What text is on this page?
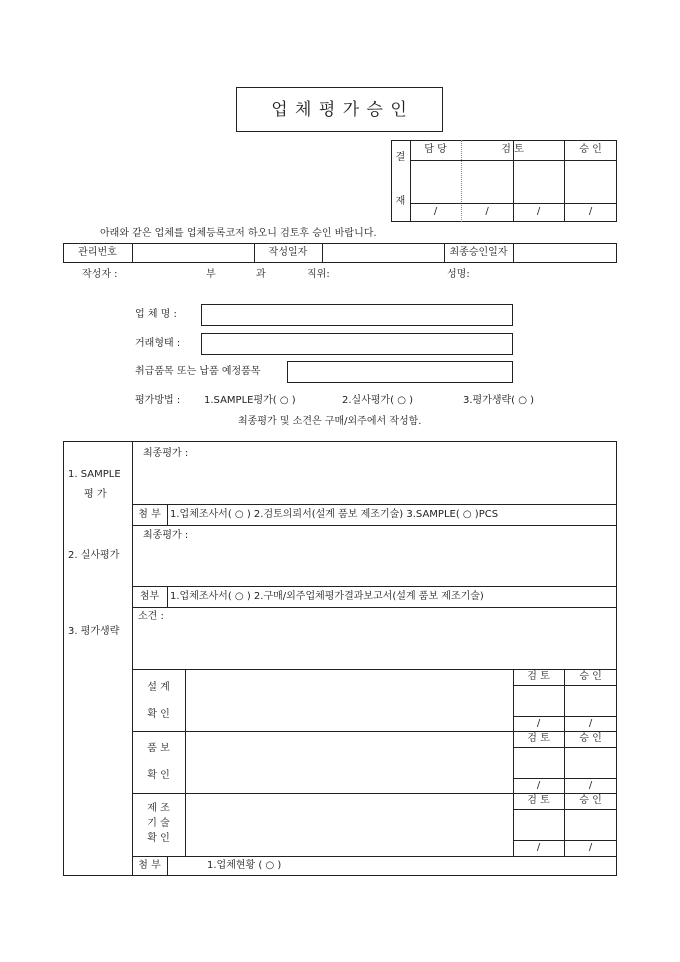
업 체 평 가 승 인
결
재
담 당	검 토	승 인
/	/	/	/
아래와 같은 업체를 업체등록코저 하오니 검토후 승인 바랍니다.
관리번호	작성일자	최종승인일자
작성자 :	부	과	직위:	성명:
업 체 명 :
거래형태 :
취급품목 또는 납품 예정품목
평가방법 : 1.SAMPLE평가( ○ )	2.실사평가( ○ )	3.평가생략( ○ )
최종평가 및 소견은 구매/외주에서 작성함.
1. SAMPLE
평 가
최종평가 :
첨 부 1.업체조사서( ○ ) 2.검토의뢰서(설계 품보 제조기술) 3.SAMPLE( ○ )PCS
2. 실사평가
최종평가 :
첨부	1.업체조사서( ○ ) 2.구매/외주업체평가결과보고서(설계 품보 제조기술)
3. 평가생략
소견 :
설 계
확 인
검 토	승 인
/	/
품 보
확 인
검 토	승 인
/	/
제 조
기 술
확 인
검 토	승 인
/	/
첨 부	1.업체현황 ( ○ )
